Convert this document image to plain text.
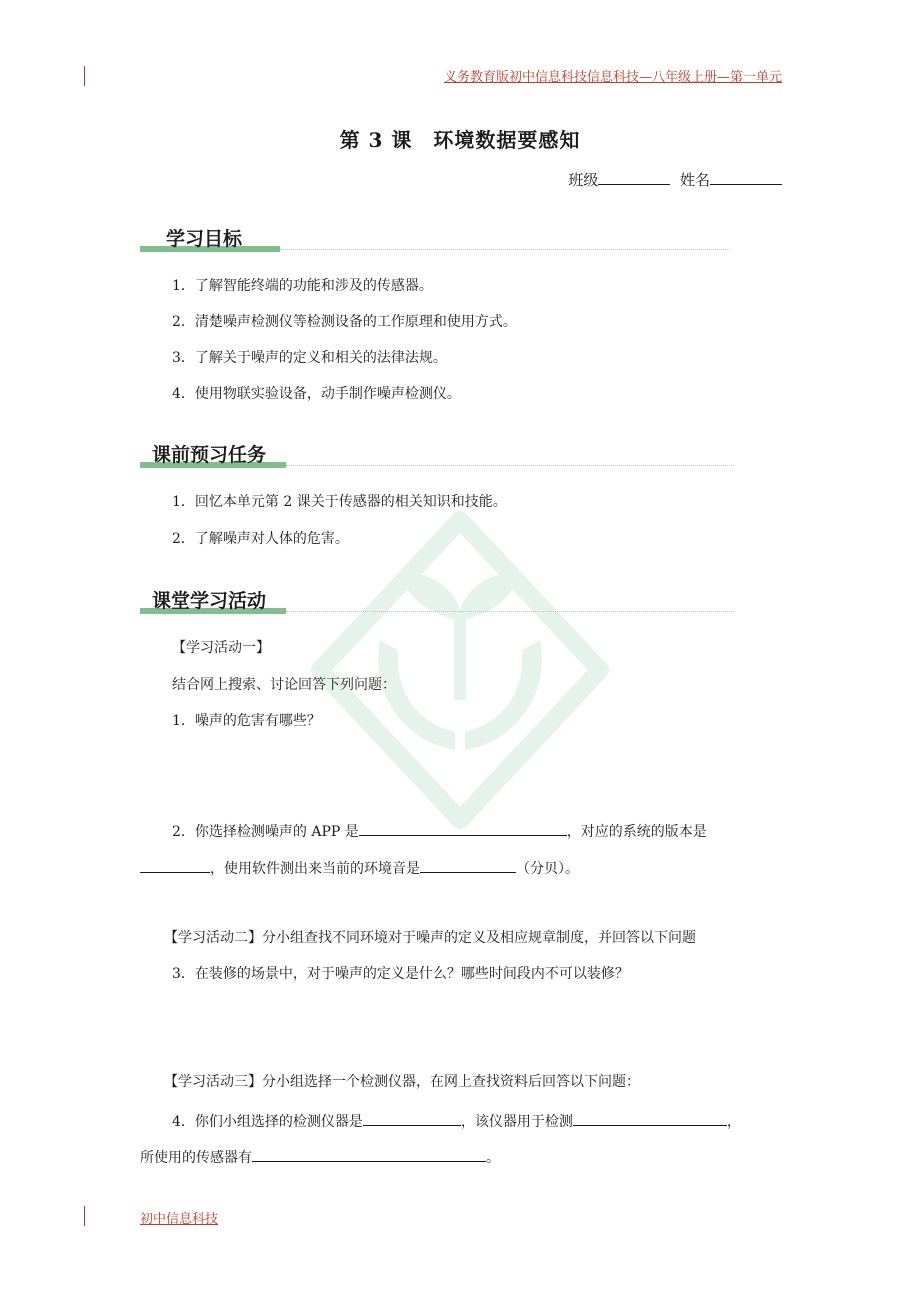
义务教育版初中信息科技信息科技—八年级上册—第一单元
第 3 课　环境数据要感知
班级	姓名
学习目标
1．了解智能终端的功能和涉及的传感器。
2．清楚噪声检测仪等检测设备的工作原理和使用方式。
3．了解关于噪声的定义和相关的法律法规。
4．使用物联实验设备，动手制作噪声检测仪。
课前预习任务
1．回忆本单元第 2 课关于传感器的相关知识和技能。
2．了解噪声对人体的危害。
课堂学习活动
【学习活动一】
结合网上搜索、讨论回答下列问题：
1．噪声的危害有哪些？
2．你选择检测噪声的 APP 是	，对应的系统的版本是
，使用软件测出来当前的环境音是	（分贝）。
【学习活动二】分小组查找不同环境对于噪声的定义及相应规章制度，并回答以下问题
3．在装修的场景中，对于噪声的定义是什么？哪些时间段内不可以装修？
【学习活动三】分小组选择一个检测仪器，在网上查找资料后回答以下问题：
4．你们小组选择的检测仪器是	，该仪器用于检测	，
所使用的传感器有	。
初中信息科技
